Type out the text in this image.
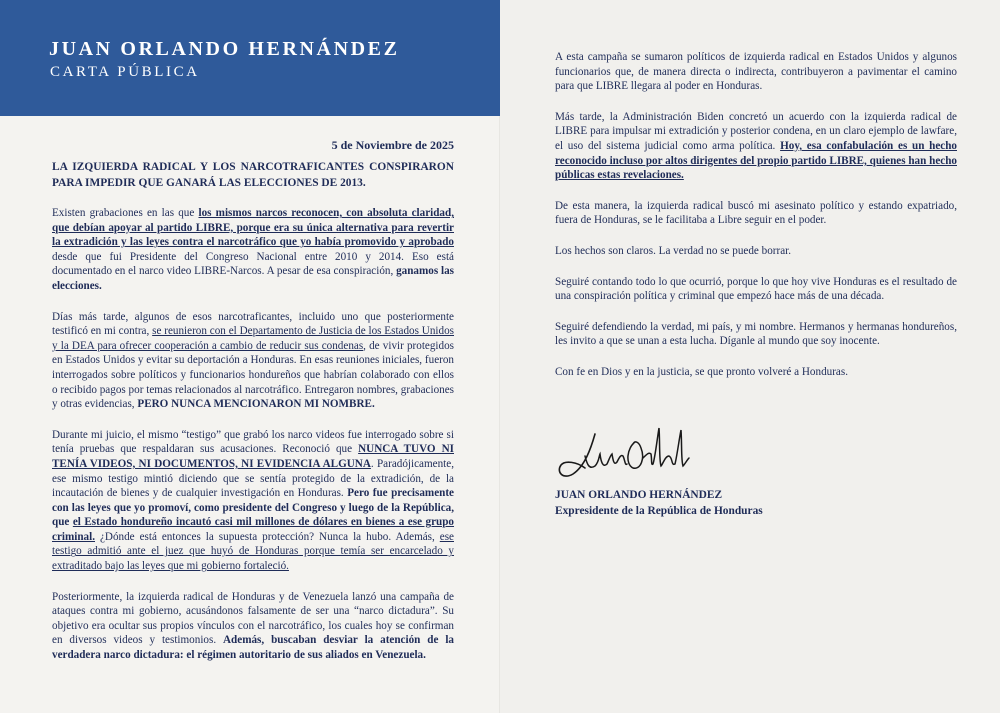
JUAN ORLANDO HERNÁNDEZ
CARTA PÚBLICA
5 de Noviembre de 2025

LA IZQUIERDA RADICAL Y LOS NARCOTRAFICANTES CONSPIRARON PARA IMPEDIR QUE GANARÁ LAS ELECCIONES DE 2013.

Existen grabaciones en las que los mismos narcos reconocen, con absoluta claridad, que debían apoyar al partido LIBRE, porque era su única alternativa para revertir la extradición y las leyes contra el narcotráfico que yo había promovido y aprobado desde que fui Presidente del Congreso Nacional entre 2010 y 2014. Eso está documentado en el narco video LIBRE-Narcos. A pesar de esa conspiración, ganamos las elecciones.

Días más tarde, algunos de esos narcotraficantes, incluido uno que posteriormente testificó en mi contra, se reunieron con el Departamento de Justicia de los Estados Unidos y la DEA para ofrecer cooperación a cambio de reducir sus condenas, de vivir protegidos en Estados Unidos y evitar su deportación a Honduras. En esas reuniones iniciales, fueron interrogados sobre políticos y funcionarios hondureños que habrían colaborado con ellos o recibido pagos por temas relacionados al narcotráfico. Entregaron nombres, grabaciones y otras evidencias, PERO NUNCA MENCIONARON MI NOMBRE.

Durante mi juicio, el mismo “testigo” que grabó los narco videos fue interrogado sobre si tenía pruebas que respaldaran sus acusaciones. Reconoció que NUNCA TUVO NI TENÍA VIDEOS, NI DOCUMENTOS, NI EVIDENCIA ALGUNA. Paradójicamente, ese mismo testigo mintió diciendo que se sentía protegido de la extradición, de la incautación de bienes y de cualquier investigación en Honduras. Pero fue precisamente con las leyes que yo promoví, como presidente del Congreso y luego de la República, que el Estado hondureño incautó casi mil millones de dólares en bienes a ese grupo criminal. ¿Dónde está entonces la supuesta protección? Nunca la hubo. Además, ese testigo admitió ante el juez que huyó de Honduras porque temía ser encarcelado y extraditado bajo las leyes que mi gobierno fortaleció.

Posteriormente, la izquierda radical de Honduras y de Venezuela lanzó una campaña de ataques contra mi gobierno, acusándonos falsamente de ser una “narco dictadura”. Su objetivo era ocultar sus propios vínculos con el narcotráfico, los cuales hoy se confirman en diversos videos y testimonios. Además, buscaban desviar la atención de la verdadera narco dictadura: el régimen autoritario de sus aliados en Venezuela.

A esta campaña se sumaron políticos de izquierda radical en Estados Unidos y algunos funcionarios que, de manera directa o indirecta, contribuyeron a pavimentar el camino para que LIBRE llegara al poder en Honduras.

Más tarde, la Administración Biden concretó un acuerdo con la izquierda radical de LIBRE para impulsar mi extradición y posterior condena, en un claro ejemplo de lawfare, el uso del sistema judicial como arma política. Hoy, esa confabulación es un hecho reconocido incluso por altos dirigentes del propio partido LIBRE, quienes han hecho públicas estas revelaciones.

De esta manera, la izquierda radical buscó mi asesinato político y estando expatriado, fuera de Honduras, se le facilitaba a Libre seguir en el poder.

Los hechos son claros. La verdad no se puede borrar.

Seguiré contando todo lo que ocurrió, porque lo que hoy vive Honduras es el resultado de una conspiración política y criminal que empezó hace más de una década.

Seguiré defendiendo la verdad, mi país, y mi nombre. Hermanos y hermanas hondureños, les invito a que se unan a esta lucha. Díganle al mundo que soy inocente.

Con fe en Dios y en la justicia, se que pronto volveré a Honduras.

JUAN ORLANDO HERNÁNDEZ
Expresidente de la República de Honduras
